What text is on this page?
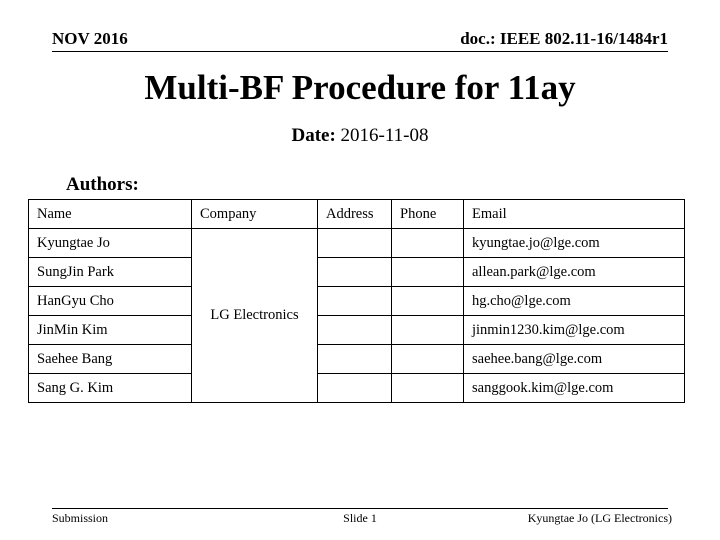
NOV 2016	doc.: IEEE 802.11-16/1484r1
Multi-BF Procedure for 11ay
Date: 2016-11-08
Authors:
Name	Company	Address	Phone	Email
Kyungtae Jo	LG Electronics			kyungtae.jo@lge.com
SungJin Park				allean.park@lge.com
HanGyu Cho				hg.cho@lge.com
JinMin Kim				jinmin1230.kim@lge.com
Saehee Bang				saehee.bang@lge.com
Sang G. Kim				sanggook.kim@lge.com
Submission	Slide 1	Kyungtae Jo (LG Electronics)
